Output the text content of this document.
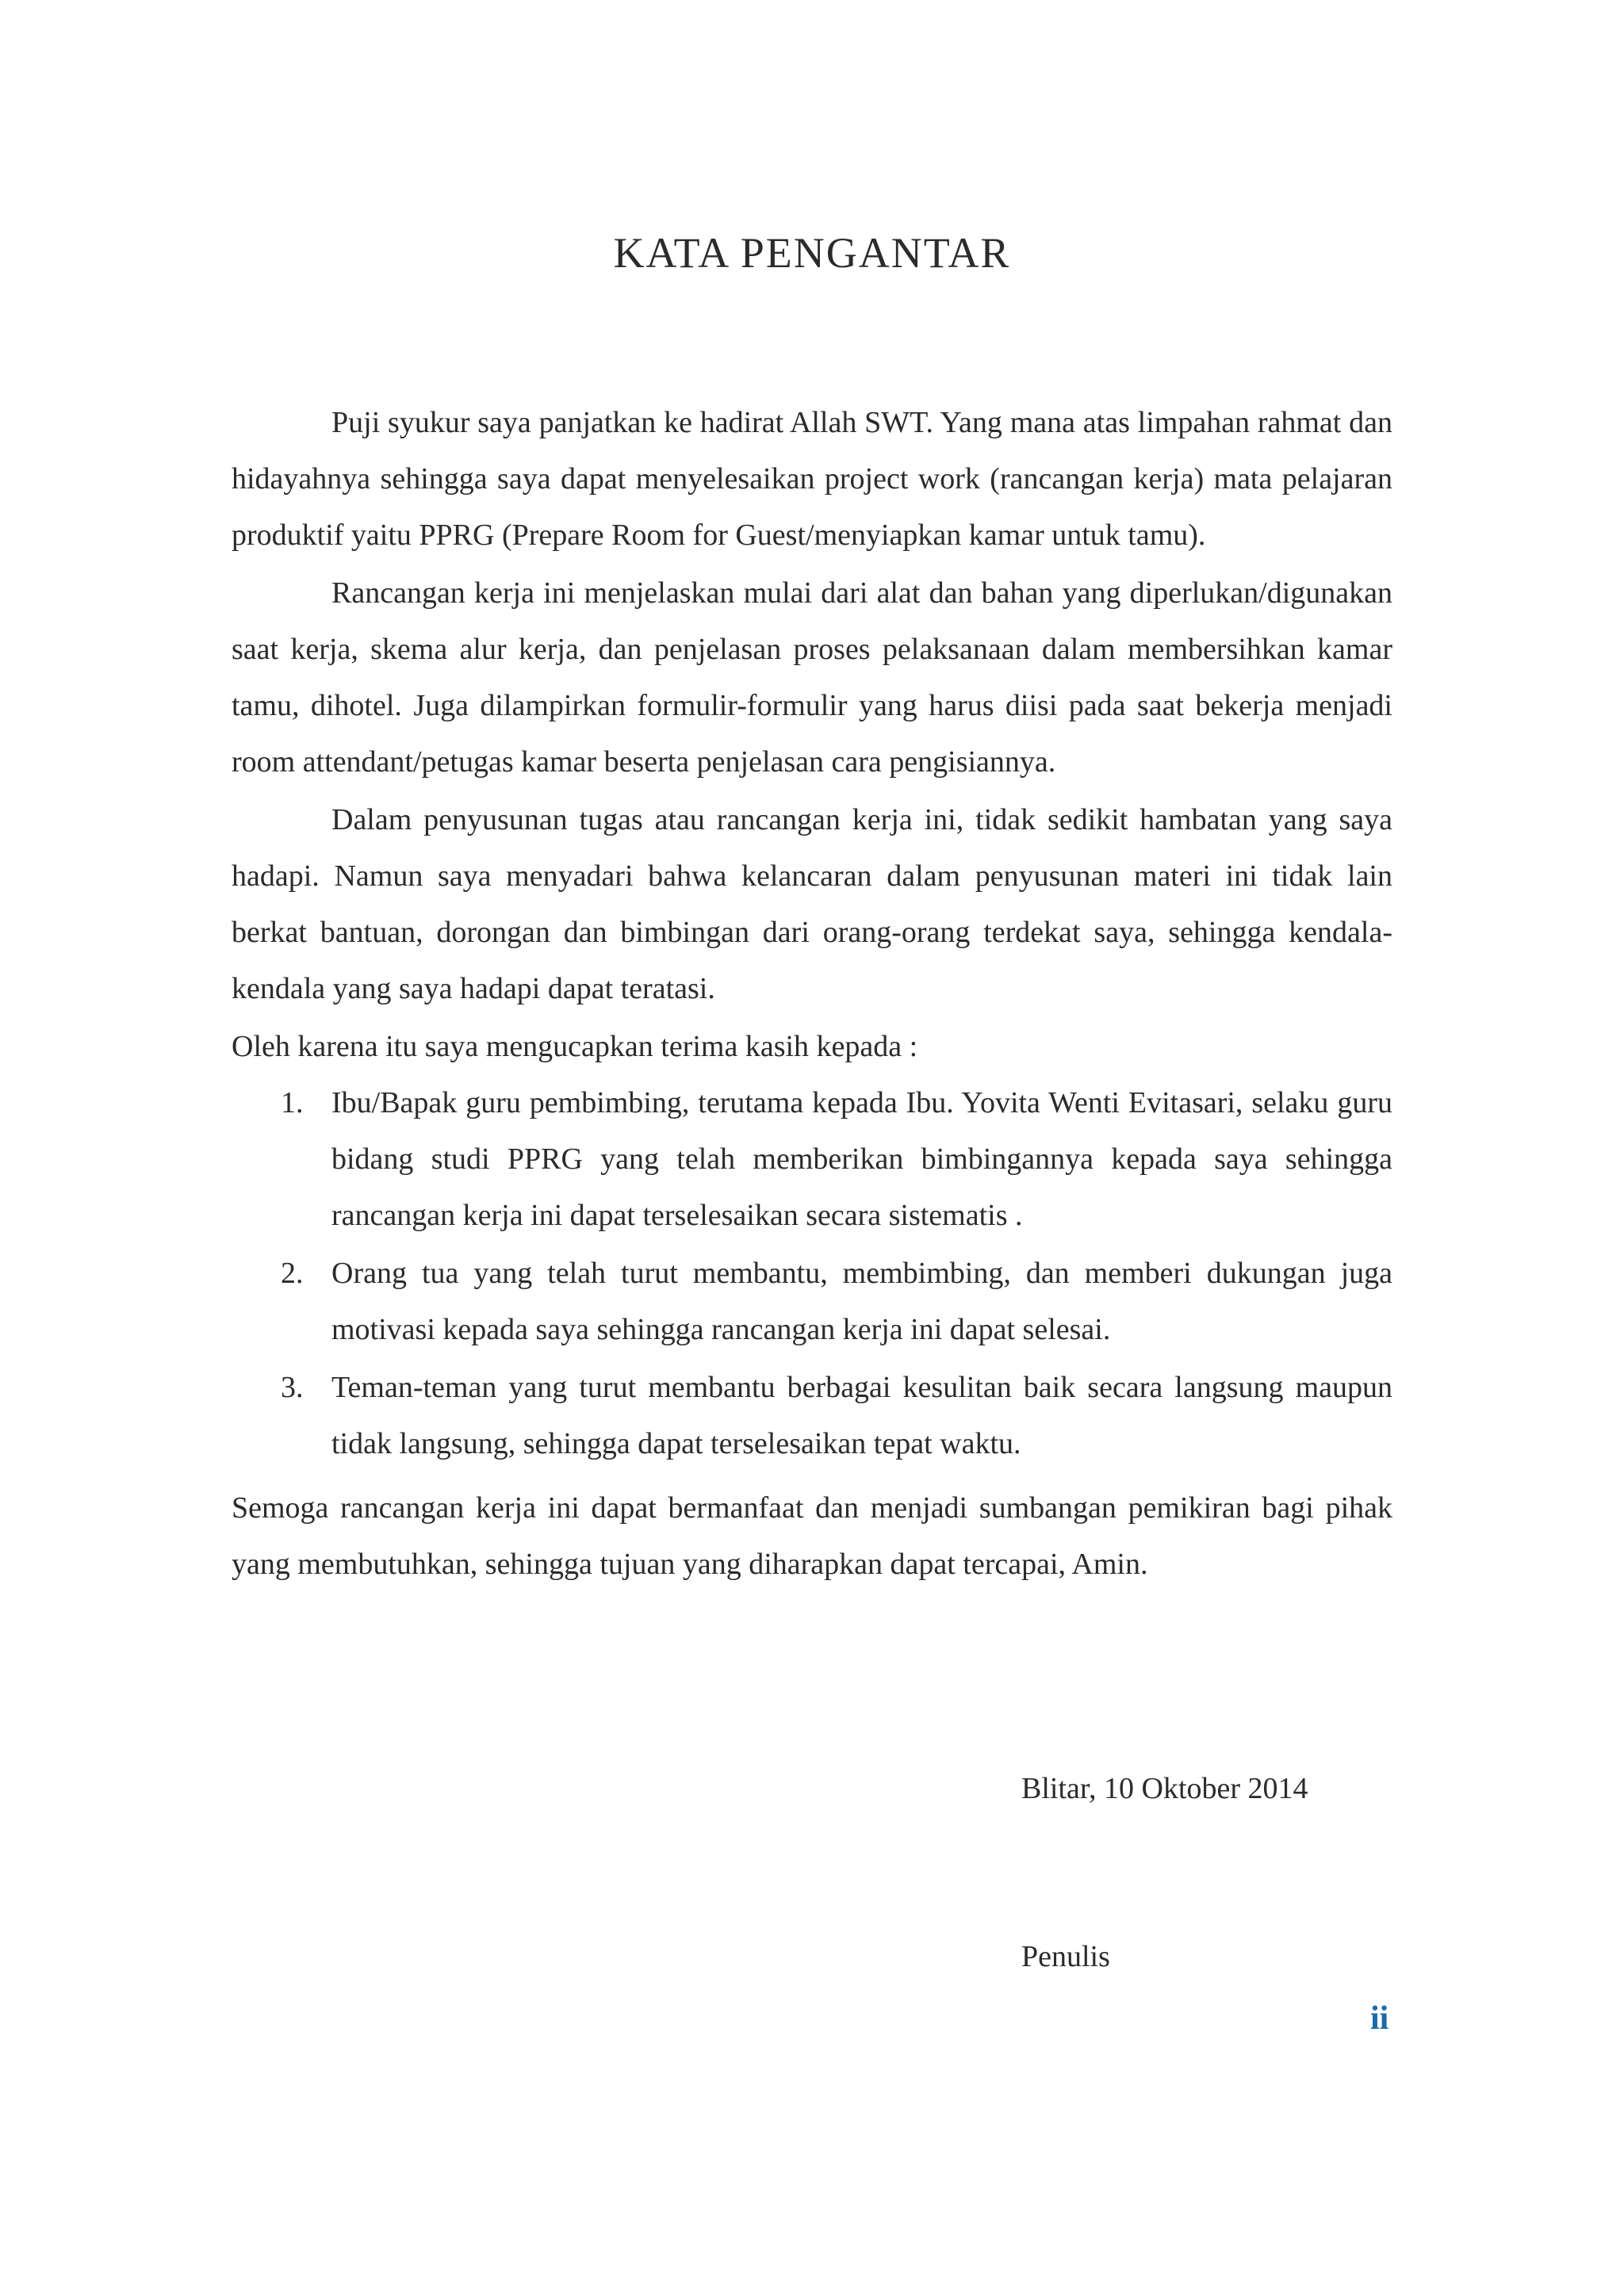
KATA PENGANTAR

Puji syukur saya panjatkan ke hadirat Allah SWT. Yang mana atas limpahan rahmat dan hidayahnya sehingga saya dapat menyelesaikan project work (rancangan kerja) mata pelajaran produktif yaitu PPRG (Prepare Room for Guest/menyiapkan kamar untuk tamu).

Rancangan kerja ini menjelaskan mulai dari alat dan bahan yang diperlukan/digunakan saat kerja, skema alur kerja, dan penjelasan proses pelaksanaan dalam membersihkan kamar tamu, dihotel. Juga dilampirkan formulir-formulir yang harus diisi pada saat bekerja menjadi room attendant/petugas kamar beserta penjelasan cara pengisiannya.

Dalam penyusunan tugas atau rancangan kerja ini, tidak sedikit hambatan yang saya hadapi. Namun saya menyadari bahwa kelancaran dalam penyusunan materi ini tidak lain berkat bantuan, dorongan dan bimbingan dari orang-orang terdekat saya, sehingga kendala-kendala yang saya hadapi dapat teratasi.

Oleh karena itu saya mengucapkan terima kasih kepada :

1. Ibu/Bapak guru pembimbing, terutama kepada Ibu. Yovita Wenti Evitasari, selaku guru bidang studi PPRG yang telah memberikan bimbingannya kepada saya sehingga rancangan kerja ini dapat terselesaikan secara sistematis .
2. Orang tua yang telah turut membantu, membimbing, dan memberi dukungan juga motivasi kepada saya sehingga rancangan kerja ini dapat selesai.
3. Teman-teman yang turut membantu berbagai kesulitan baik secara langsung maupun tidak langsung, sehingga dapat terselesaikan tepat waktu.

Semoga rancangan kerja ini dapat bermanfaat dan menjadi sumbangan pemikiran bagi pihak yang membutuhkan, sehingga tujuan yang diharapkan dapat tercapai, Amin.

Blitar, 10 Oktober 2014
Penulis
ii
